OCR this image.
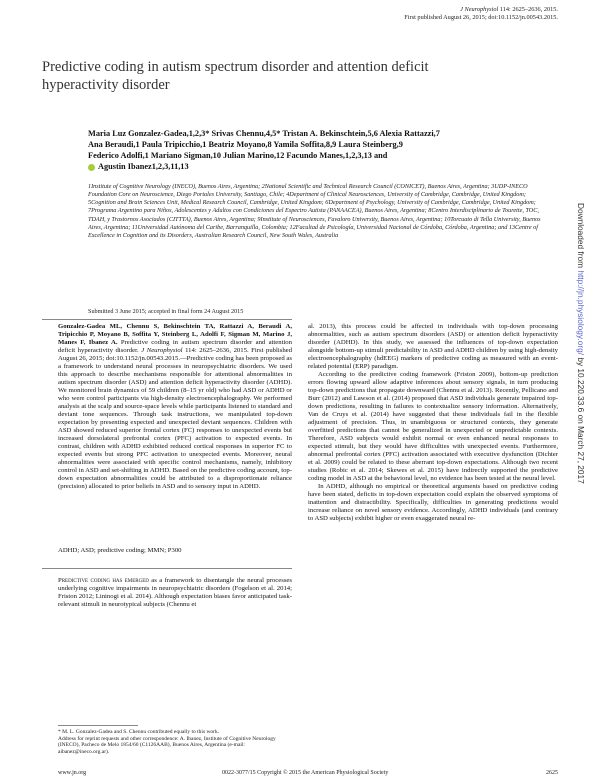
J Neurophysiol 114: 2625–2636, 2015.
First published August 26, 2015; doi:10.1152/jn.00543.2015.
Predictive coding in autism spectrum disorder and attention deficit hyperactivity disorder
Maria Luz Gonzalez-Gadea,1,2,3* Srivas Chennu,4,5* Tristan A. Bekinschtein,5,6 Alexia Rattazzi,7
Ana Beraudi,1 Paula Tripicchio,1 Beatriz Moyano,8 Yamila Soffita,8,9 Laura Steinberg,9
Federico Adolfi,1 Mariano Sigman,10 Julian Marino,12 Facundo Manes,1,2,3,13 and
Agustin Ibanez1,2,3,11,13
1Institute of Cognitive Neurology (INECO), Buenos Aires, Argentina; 2National Scientific and Technical Research Council (CONICET), Buenos Aires, Argentina; 3UDP-INECO Foundation Core on Neuroscience, Diego Portales University, Santiago, Chile; 4Department of Clinical Neurosciences, University of Cambridge, Cambridge, United Kingdom; 5Cognition and Brain Sciences Unit, Medical Research Council, Cambridge, United Kingdom; 6Department of Psychology, University of Cambridge, Cambridge, United Kingdom; 7Programa Argentino para Niños, Adolescentes y Adultos con Condiciones del Espectro Autista (PANAACEA), Buenos Aires, Argentina; 8Centro Interdisciplinario de Tourette, TOC, TDAH, y Trastornos Asociados (CITTTA), Buenos Aires, Argentina; 9Institute of Neurosciences, Favaloro University, Buenos Aires, Argentina; 10Torcuato di Tella University, Buenos Aires, Argentina; 11Universidad Autónoma del Caribe, Barranquilla, Colombia; 12Facultad de Psicología, Universidad Nacional de Córdoba, Córdoba, Argentina; and 13Centre of Excellence in Cognition and its Disorders, Australian Research Council, New South Wales, Australia
Submitted 3 June 2015; accepted in final form 24 August 2015

Gonzalez-Gadea ML, Chennu S, Bekinschtein TA, Rattazzi A, Beraudi A, Tripicchio P, Moyano B, Soffita Y, Steinberg L, Adolfi F, Sigman M, Marino J, Manes F, Ibanez A. Predictive coding in autism spectrum disorder and attention deficit hyperactivity disorder. J Neurophysiol 114: 2625–2636, 2015. First published August 26, 2015; doi:10.1152/jn.00543.2015.—Predictive coding has been proposed as a framework to understand neural processes in neuropsychiatric disorders. We used this approach to describe mechanisms responsible for attentional abnormalities in autism spectrum disorder (ASD) and attention deficit hyperactivity disorder (ADHD). We monitored brain dynamics of 59 children (8–15 yr old) who had ASD or ADHD or who were control participants via high-density electroencephalography. We performed analysis at the scalp and source-space levels while participants listened to standard and deviant tone sequences. Through task instructions, we manipulated top-down expectation by presenting expected and unexpected deviant sequences. Children with ASD showed reduced superior frontal cortex (FC) responses to unexpected events but increased dorsolateral prefrontal cortex (PFC) activation to expected events. In contrast, children with ADHD exhibited reduced cortical responses in superior FC to expected events but strong PFC activation to unexpected events. Moreover, neural abnormalities were associated with specific control mechanisms, namely, inhibitory control in ASD and set-shifting in ADHD. Based on the predictive coding account, top-down expectation abnormalities could be attributed to a disproportionate reliance (precision) allocated to prior beliefs in ASD and to sensory input in ADHD.

ADHD; ASD; predictive coding; MMN; P300

Predictive coding has emerged as a framework to disentangle the neural processes underlying cognitive impairments in neuropsychiatric disorders (Fogelson et al. 2014; Friston 2012; Lininogi et al. 2014). Although expectation biases favor anticipated task-relevant stimuli in neurotypical subjects (Chennu et

* M. L. Gonzalez-Gadea and S. Chennu contributed equally to this work.

Address for reprint requests and other correspondence: A. Ibanez, Institute of Cognitive Neurology (INECO), Pacheco de Melo 1854/60 (C1126AAB), Buenos Aires, Argentina (e-mail: aibanez@ineco.org.ar).

al. 2013), this process could be affected in individuals with top-down processing abnormalities, such as autism spectrum disorders (ASD) or attention deficit hyperactivity disorder (ADHD). In this study, we assessed the influences of top-down expectation alongside bottom-up stimuli predictability in ASD and ADHD children by using high-density electroencephalography (hdEEG) markers of predictive coding as measured with an event-related potential (ERP) paradigm.

According to the predictive coding framework (Friston 2009), bottom-up prediction errors flowing upward allow adaptive inferences about sensory signals, in turn producing top-down predictions that propagate downward (Chennu et al. 2013). Recently, Pellicano and Burr (2012) and Lawson et al. (2014) proposed that ASD individuals generate impaired top-down predictions, resulting in failures to contextualize sensory information. Alternatively, Van de Cruys et al. (2014) have suggested that these individuals fail in the flexible adjustment of precision. Thus, in unambiguous or structured contexts, they generate overfitted predictions that cannot be generalized in unexpected or unpredictable contexts. Therefore, ASD subjects would exhibit normal or even enhanced neural responses to expected stimuli, but they would have difficulties with unexpected events. Furthermore, abnormal prefrontal cortex (PFC) activation associated with executive dysfunction (Dichter et al. 2009) could be related to these aberrant top-down expectations. Although two recent studies (Robic et al. 2014; Skewes et al. 2015) have indirectly supported the predictive coding model in ASD at the behavioral level, no evidence has been tested at the neural level.

In ADHD, although no empirical or theoretical arguments based on predictive coding have been stated, deficits in top-down expectation could explain the observed symptoms of inattention and distractibility. Specifically, difficulties in generating predictions would increase reliance on novel sensory evidence. Accordingly, ADHD individuals (and contrary to ASD subjects) exhibit higher or even exaggerated neural re-

www.jn.org	0022-3077/15 Copyright © 2015 the American Physiological Society	2625
Downloaded from http://jn.physiology.org/ by 10.220.33.6 on March 27, 2017
